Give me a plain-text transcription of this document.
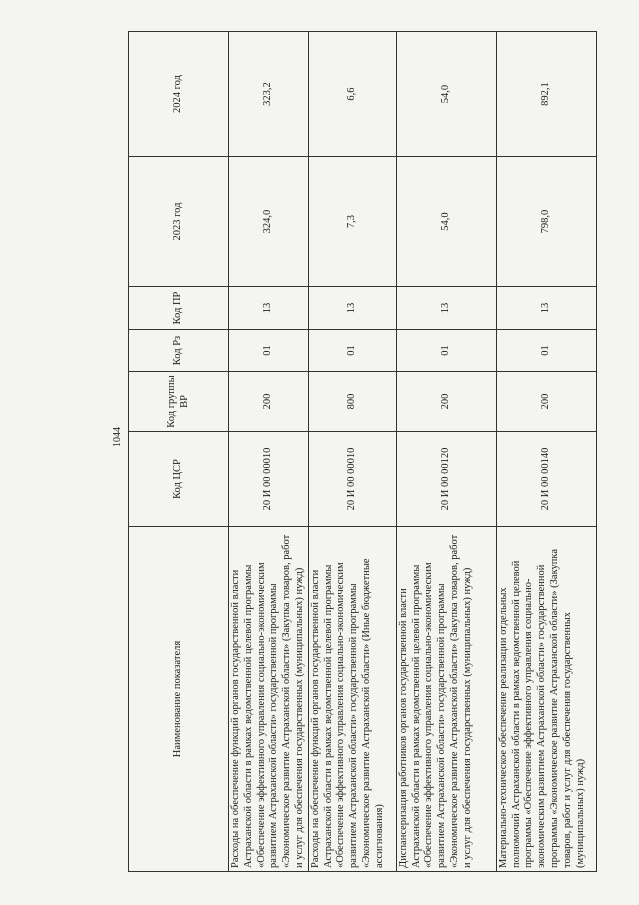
1044
Наименование показателя	Код ЦСР	Код группы ВР	Код Рз	Код ПР	2023 год	2024 год
Расходы на обеспечение функций органов государственной власти Астраханской области в рамках ведомственной целевой программы «Обеспечение эффективного управления социально-экономическим развитием Астраханской области» государственной программы «Экономическое развитие Астраханской области» (Закупка товаров, работ и услуг для обеспечения государственных (муниципальных) нужд)	20 И 00 00010	200	01	13	324,0	323,2
Расходы на обеспечение функций органов государственной власти Астраханской области в рамках ведомственной целевой программы «Обеспечение эффективного управления социально-экономическим развитием Астраханской области» государственной программы «Экономическое развитие Астраханской области» (Иные бюджетные ассигнования)	20 И 00 00010	800	01	13	7,3	6,6
Диспансеризация работников органов государственной власти Астраханской области в рамках ведомственной целевой программы «Обеспечение эффективного управления социально-экономическим развитием Астраханской области» государственной программы «Экономическое развитие Астраханской области» (Закупка товаров, работ и услуг для обеспечения государственных (муниципальных) нужд)	20 И 00 00120	200	01	13	54,0	54,0
Материально-техническое обеспечение реализации отдельных полномочий Астраханской области в рамках ведомственной целевой программы «Обеспечение эффективного управления социально-экономическим развитием Астраханской области» государственной программы «Экономическое развитие Астраханской области» (Закупка товаров, работ и услуг для обеспечения государственных (муниципальных) нужд)	20 И 00 00140	200	01	13	798,0	892,1
